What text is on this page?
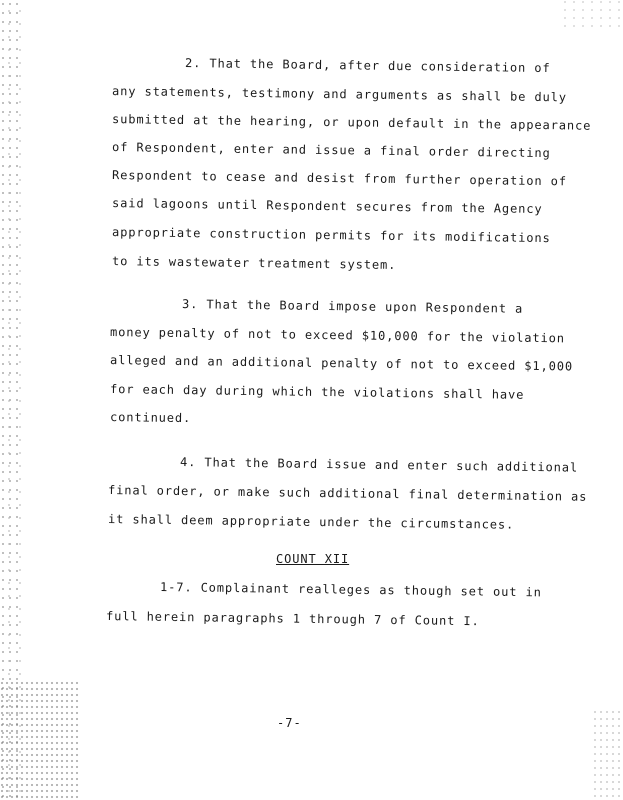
2. That the Board, after due consideration of
any statements, testimony and arguments as shall be duly
submitted at the hearing, or upon default in the appearance
of Respondent, enter and issue a final order directing
Respondent to cease and desist from further operation of
said lagoons until Respondent secures from the Agency
appropriate construction permits for its modifications
to its wastewater treatment system.
3. That the Board impose upon Respondent a
money penalty of not to exceed $10,000 for the violation
alleged and an additional penalty of not to exceed $1,000
for each day during which the violations shall have
continued.
4. That the Board issue and enter such additional
final order, or make such additional final determination as
it shall deem appropriate under the circumstances.
COUNT XII
1-7. Complainant realleges as though set out in
full herein paragraphs 1 through 7 of Count I.
-7-
